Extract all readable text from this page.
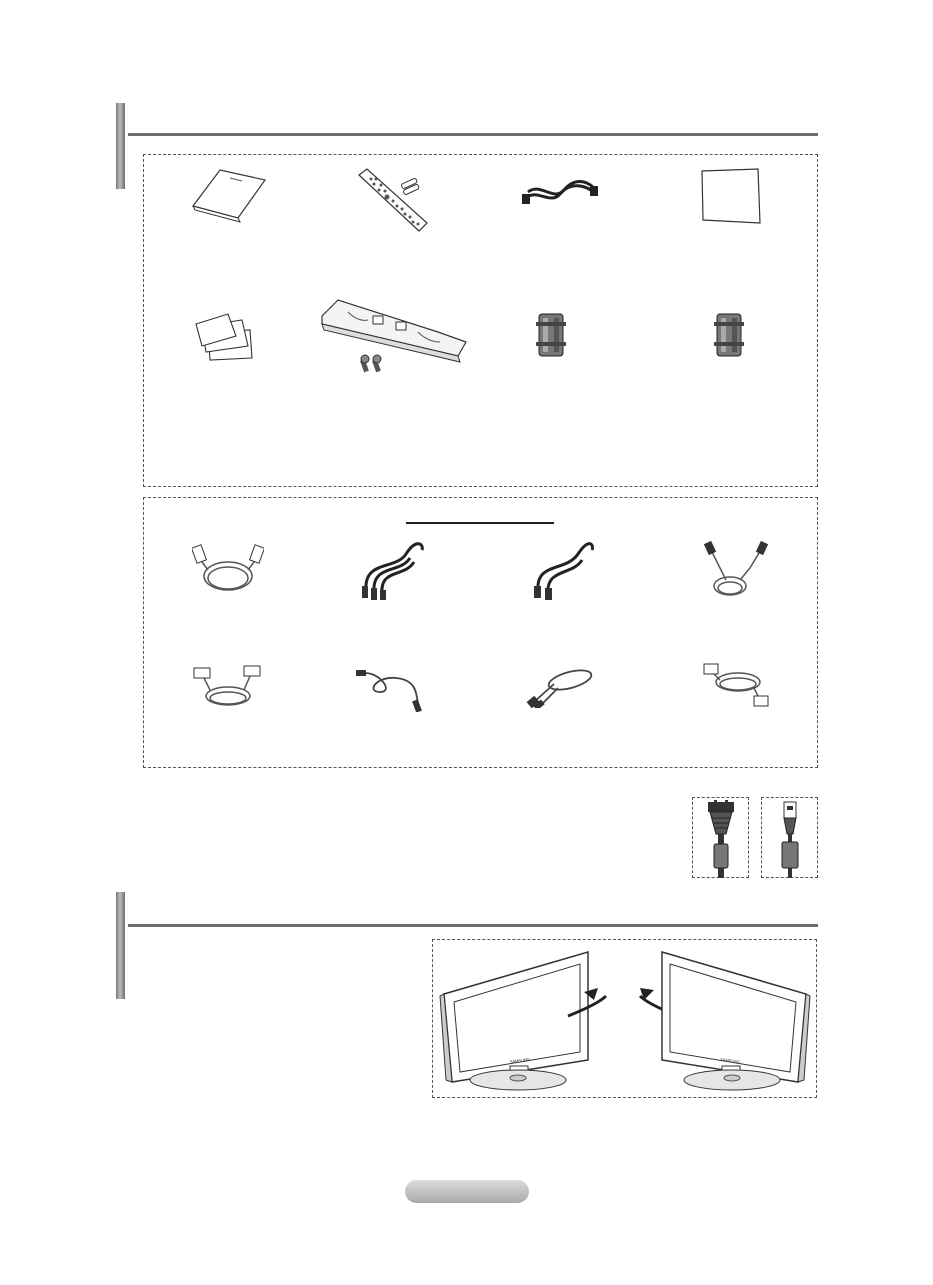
SAMSUNG	SAMSUNG
